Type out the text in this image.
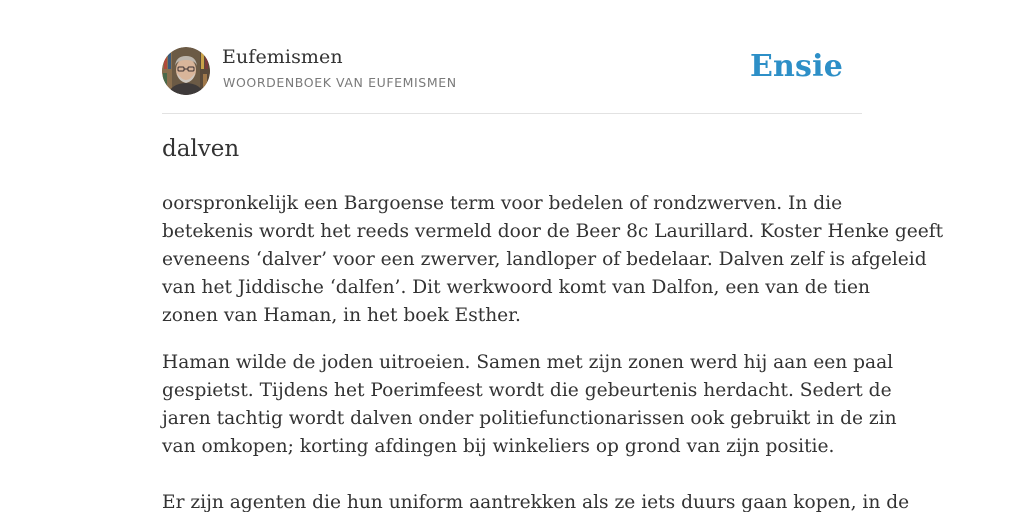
Eufemismen
WOORDENBOEK VAN EUFEMISMEN	Ensie
dalven

oorspronkelijk een Bargoense term voor bedelen of rondzwerven. In die
betekenis wordt het reeds vermeld door de Beer 8c Laurillard. Koster Henke geeft
eveneens ‘dalver’ voor een zwerver, landloper of bedelaar. Dalven zelf is afgeleid
van het Jiddische ‘dalfen’. Dit werkwoord komt van Dalfon, een van de tien
zonen van Haman, in het boek Esther.

Haman wilde de joden uitroeien. Samen met zijn zonen werd hij aan een paal
gespietst. Tijdens het Poerimfeest wordt die gebeurtenis herdacht. Sedert de
jaren tachtig wordt dalven onder politiefunctionarissen ook gebruikt in de zin
van omkopen; korting afdingen bij winkeliers op grond van zijn positie.

Er zijn agenten die hun uniform aantrekken als ze iets duurs gaan kopen, in de
